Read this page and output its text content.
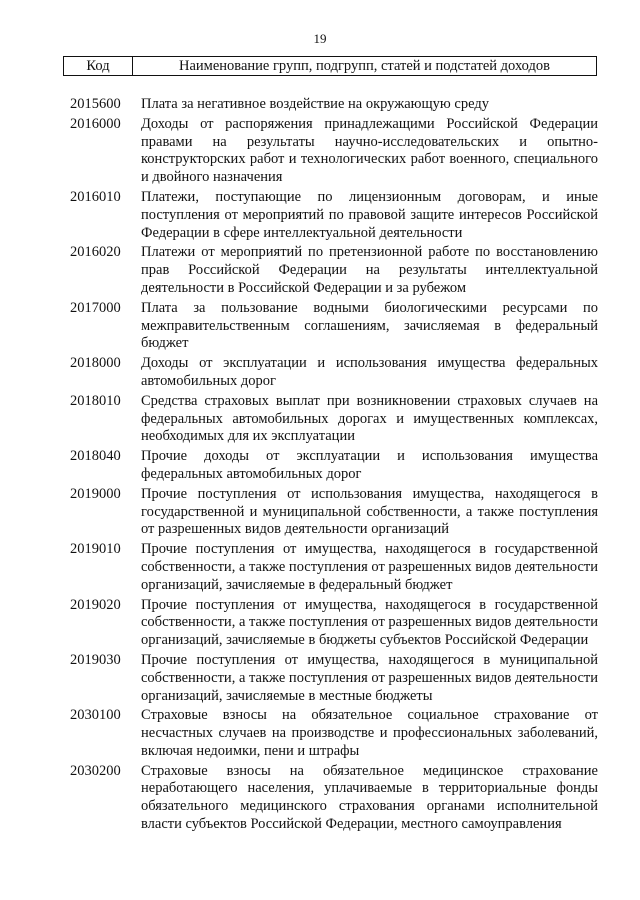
19
Код	Наименование групп, подгрупп, статей и подстатей доходов
2015600	Плата за негативное воздействие на окружающую среду
2016000	Доходы от распоряжения принадлежащими Российской Федерации правами на результаты научно-исследовательских и опытно-конструкторских работ и технологических работ военного, специального и двойного назначения
2016010	Платежи, поступающие по лицензионным договорам, и иные поступления от мероприятий по правовой защите интересов Российской Федерации в сфере интеллектуальной деятельности
2016020	Платежи от мероприятий по претензионной работе по восстановлению прав Российской Федерации на результаты интеллектуальной деятельности в Российской Федерации и за рубежом
2017000	Плата за пользование водными биологическими ресурсами по межправительственным соглашениям, зачисляемая в федеральный бюджет
2018000	Доходы от эксплуатации и использования имущества федеральных автомобильных дорог
2018010	Средства страховых выплат при возникновении страховых случаев на федеральных автомобильных дорогах и имущественных комплексах, необходимых для их эксплуатации
2018040	Прочие доходы от эксплуатации и использования имущества федеральных автомобильных дорог
2019000	Прочие поступления от использования имущества, находящегося в государственной и муниципальной собственности, а также поступления от разрешенных видов деятельности организаций
2019010	Прочие поступления от имущества, находящегося в государственной собственности, а также поступления от разрешенных видов деятельности организаций, зачисляемые в федеральный бюджет
2019020	Прочие поступления от имущества, находящегося в государственной собственности, а также поступления от разрешенных видов деятельности организаций, зачисляемые в бюджеты субъектов Российской Федерации
2019030	Прочие поступления от имущества, находящегося в муниципальной собственности, а также поступления от разрешенных видов деятельности организаций, зачисляемые в местные бюджеты
2030100	Страховые взносы на обязательное социальное страхование от несчастных случаев на производстве и профессиональных заболеваний, включая недоимки, пени и штрафы
2030200	Страховые взносы на обязательное медицинское страхование неработающего населения, уплачиваемые в территориальные фонды обязательного медицинского страхования органами исполнительной власти субъектов Российской Федерации, местного самоуправления
